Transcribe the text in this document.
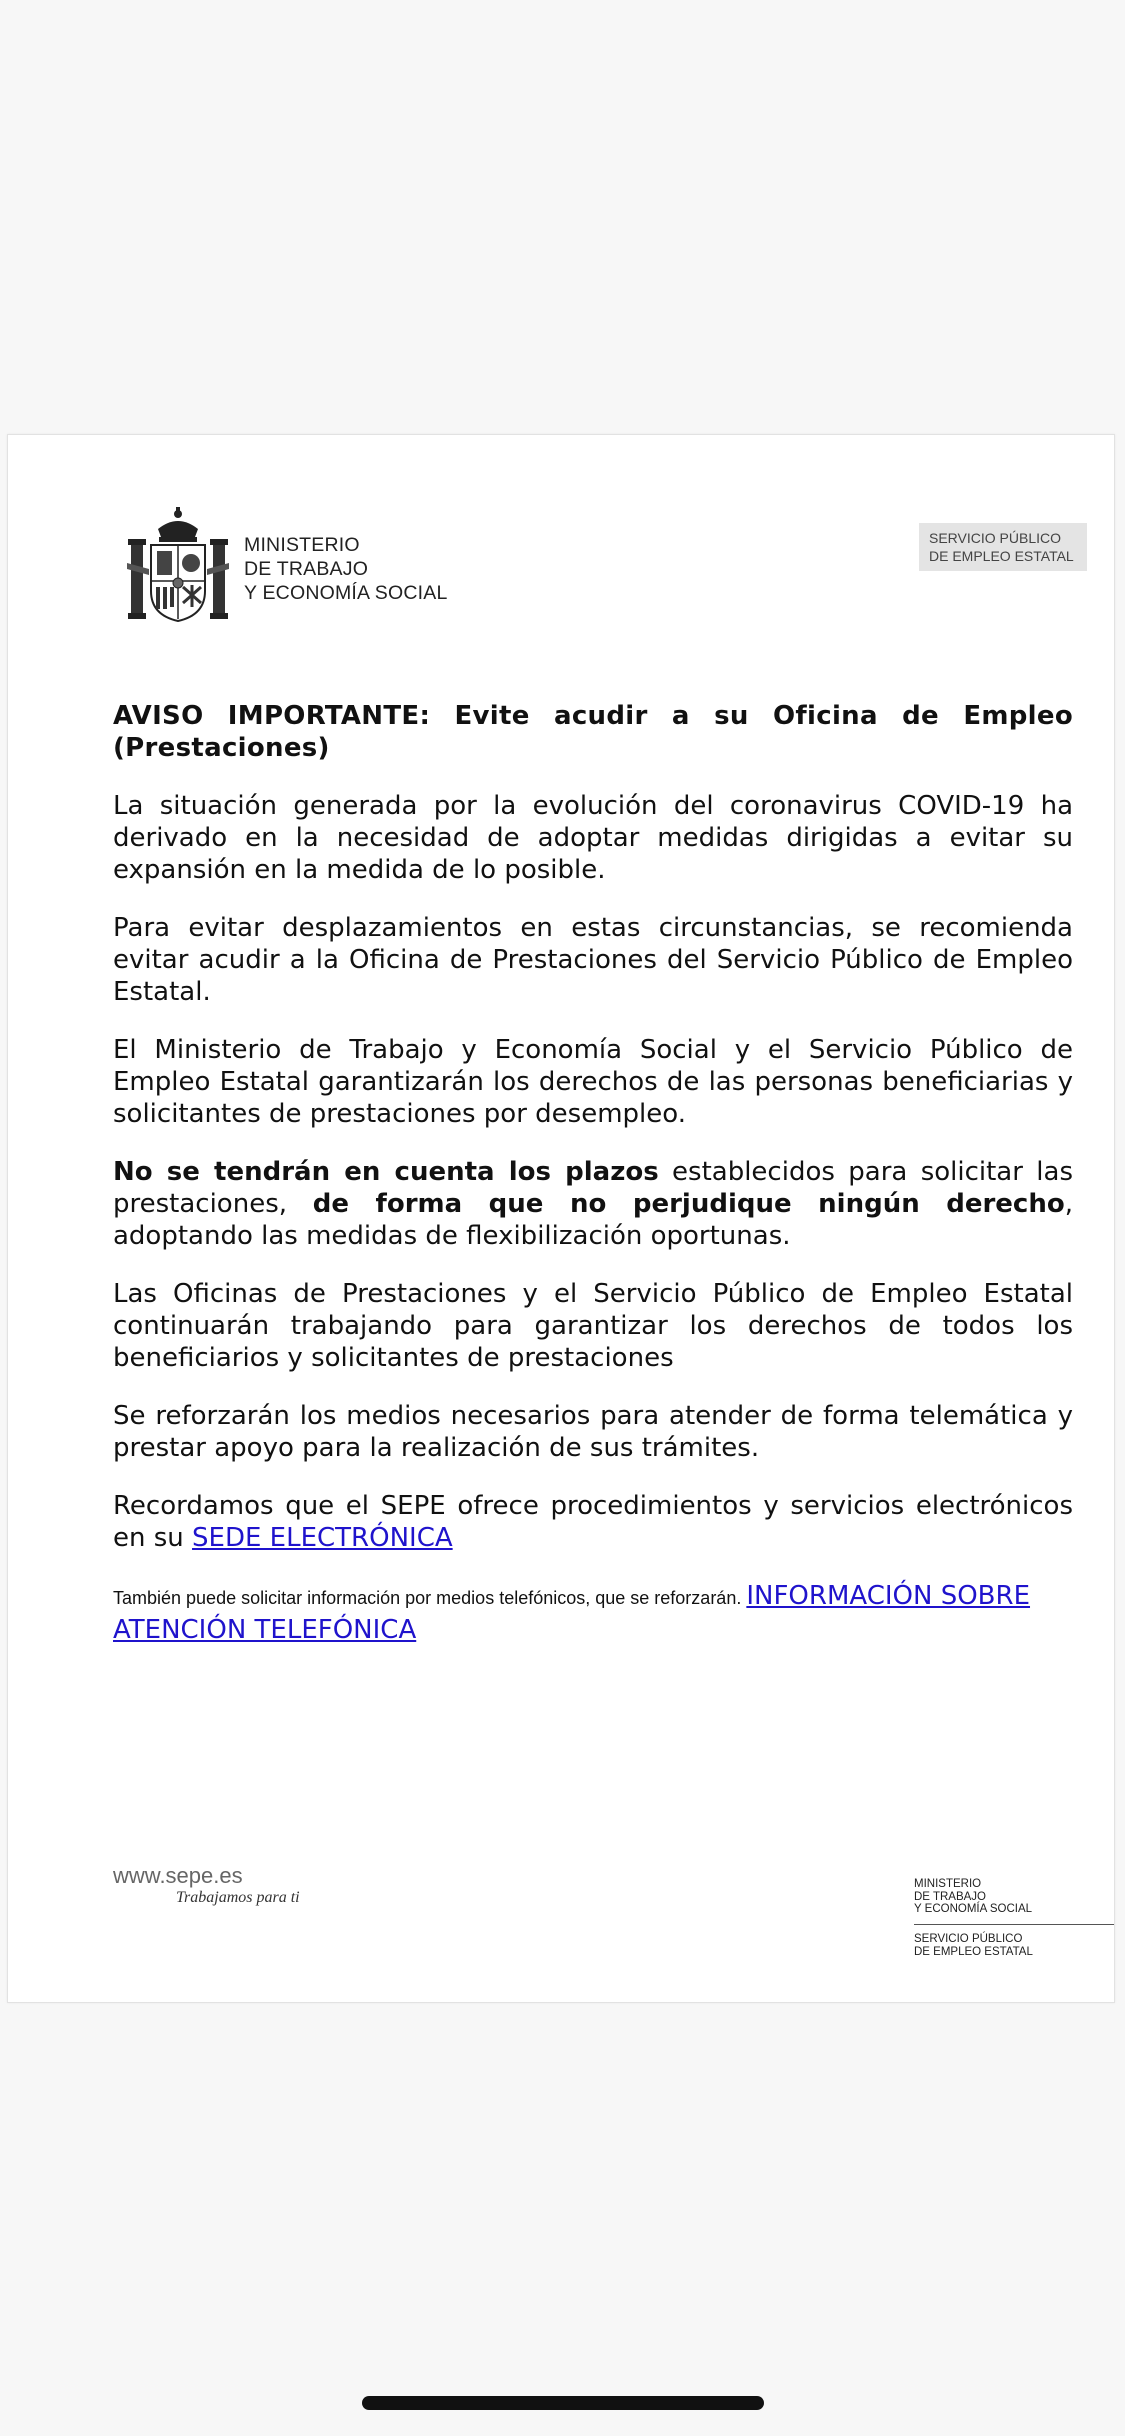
MINISTERIO
DE TRABAJO
Y ECONOMÍA SOCIAL
SERVICIO PÚBLICO
DE EMPLEO ESTATAL

AVISO IMPORTANTE: Evite acudir a su Oficina de Empleo (Prestaciones)

La situación generada por la evolución del coronavirus COVID-19 ha derivado en la necesidad de adoptar medidas dirigidas a evitar su expansión en la medida de lo posible.

Para evitar desplazamientos en estas circunstancias, se recomienda evitar acudir a la Oficina de Prestaciones del Servicio Público de Empleo Estatal.

El Ministerio de Trabajo y Economía Social y el Servicio Público de Empleo Estatal garantizarán los derechos de las personas beneficiarias y solicitantes de prestaciones por desempleo.

No se tendrán en cuenta los plazos establecidos para solicitar las prestaciones, de forma que no perjudique ningún derecho, adoptando las medidas de flexibilización oportunas.

Las Oficinas de Prestaciones y el Servicio Público de Empleo Estatal continuarán trabajando para garantizar los derechos de todos los beneficiarios y solicitantes de prestaciones

Se reforzarán los medios necesarios para atender de forma telemática y prestar apoyo para la realización de sus trámites.

Recordamos que el SEPE ofrece procedimientos y servicios electrónicos en su SEDE ELECTRÓNICA

También puede solicitar información por medios telefónicos, que se reforzarán. INFORMACIÓN SOBRE ATENCIÓN TELEFÓNICA

www.sepe.es
Trabajamos para ti
MINISTERIO
DE TRABAJO
Y ECONOMÍA SOCIAL
SERVICIO PÚBLICO
DE EMPLEO ESTATAL
